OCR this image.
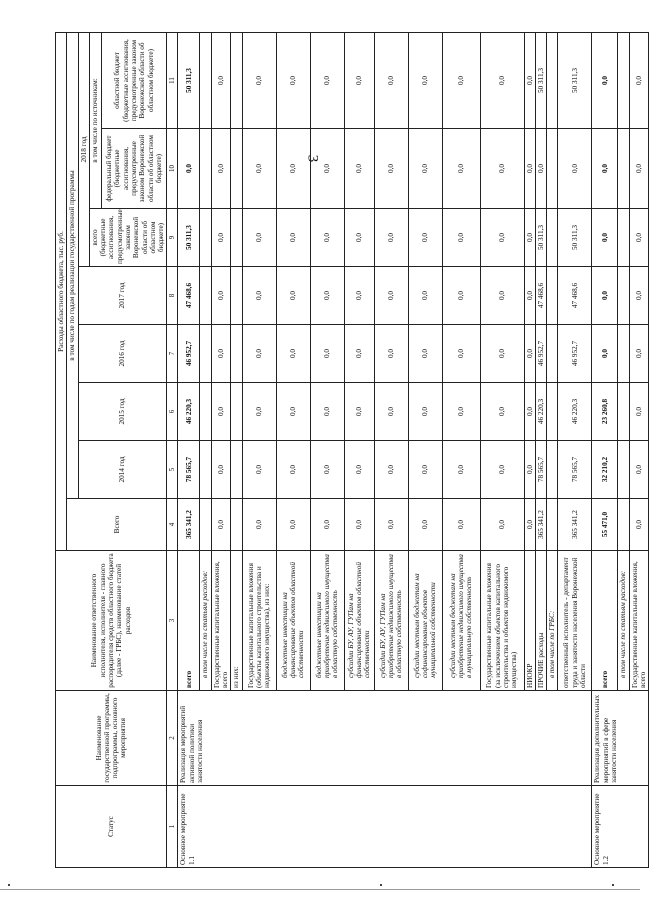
3
Статус	Наименование государственной программы, подпрограммы, основного мероприятия	Наименование ответственного исполнителя, исполнителя - главного распорядителя средств областного бюджета (далее - ГРБС), наименование статей расходов	Расходы областного бюджета, тыс. руб.							
			Всего	в том числе по годам реализации государственной программы						
				2014 год	2015 год	2016 год	2017 год	2018 год		
								всего (бюджетные ассигнования, предусмотренные законом Воронежской области об областном бюджете)	в том числе по источникам:	
									федеральный бюджет (бюджетные ассигнования, предусмотренные законом Воронежской области об областном бюджете)	областной бюджет (бюджетные ассигнования, предусмотренные законом Воронежской области об областном бюджете)
1	2	3	4	5	6	7	8	9	10	11
Основное мероприятие 1.1	Реализация мероприятий активной политики занятости населения	всего	365 341,2	78 565,7	46 220,3	46 952,7	47 468,6	50 311,3	0,0	50 311,3
		в том числе по статьям расходов:								
		Государственные капитальные вложения, всего	0,0	0,0	0,0	0,0	0,0	0,0	0,0	0,0
		из них:								
		Государственные капитальные вложения (объекты капитального строительства и недвижимого имущества), из них:	0,0	0,0	0,0	0,0	0,0	0,0	0,0	0,0
		бюджетные инвестиции на финансирование объектов областной собственности	0,0	0,0	0,0	0,0	0,0	0,0	0,0	0,0
		бюджетные инвестиции на приобретение недвижимого имущества в областную собственность	0,0	0,0	0,0	0,0	0,0	0,0	0,0	0,0
		субсидии БУ, АУ, ГУПам на финансирование объектов областной собственности	0,0	0,0	0,0	0,0	0,0	0,0	0,0	0,0
		субсидии БУ, АУ, ГУПам на приобретение недвижимого имущества в областную собственность	0,0	0,0	0,0	0,0	0,0	0,0	0,0	0,0
		субсидии местным бюджетам на софинансирование объектов муниципальной собственности	0,0	0,0	0,0	0,0	0,0	0,0	0,0	0,0
		субсидии местным бюджетам на приобретение недвижимого имущества в муниципальную собственность	0,0	0,0	0,0	0,0	0,0	0,0	0,0	0,0
		Государственные капитальные вложения (за исключением объектов капитального строительства и объектов недвижимого имущества)	0,0	0,0	0,0	0,0	0,0	0,0	0,0	0,0
		НИОКР	0,0	0,0	0,0	0,0	0,0	0,0	0,0	0,0
		ПРОЧИЕ расходы	365 341,2	78 565,7	46 220,3	46 952,7	47 468,6	50 311,3	0,0	50 311,3
		в том числе по ГРБС:								
		ответственный исполнитель - департамент труда и занятости населения Воронежской области	365 341,2	78 565,7	46 220,3	46 952,7	47 468,6	50 311,3	0,0	50 311,3
Основное мероприятие 1.2	Реализация дополнительных мероприятий в сфере занятости населения	всего	55 471,0	32 210,2	23 260,8	0,0	0,0	0,0	0,0	0,0
		в том числе по статьям расходов:								
		Государственные капитальные вложения, всего	0,0	0,0	0,0	0,0	0,0	0,0	0,0	0,0
